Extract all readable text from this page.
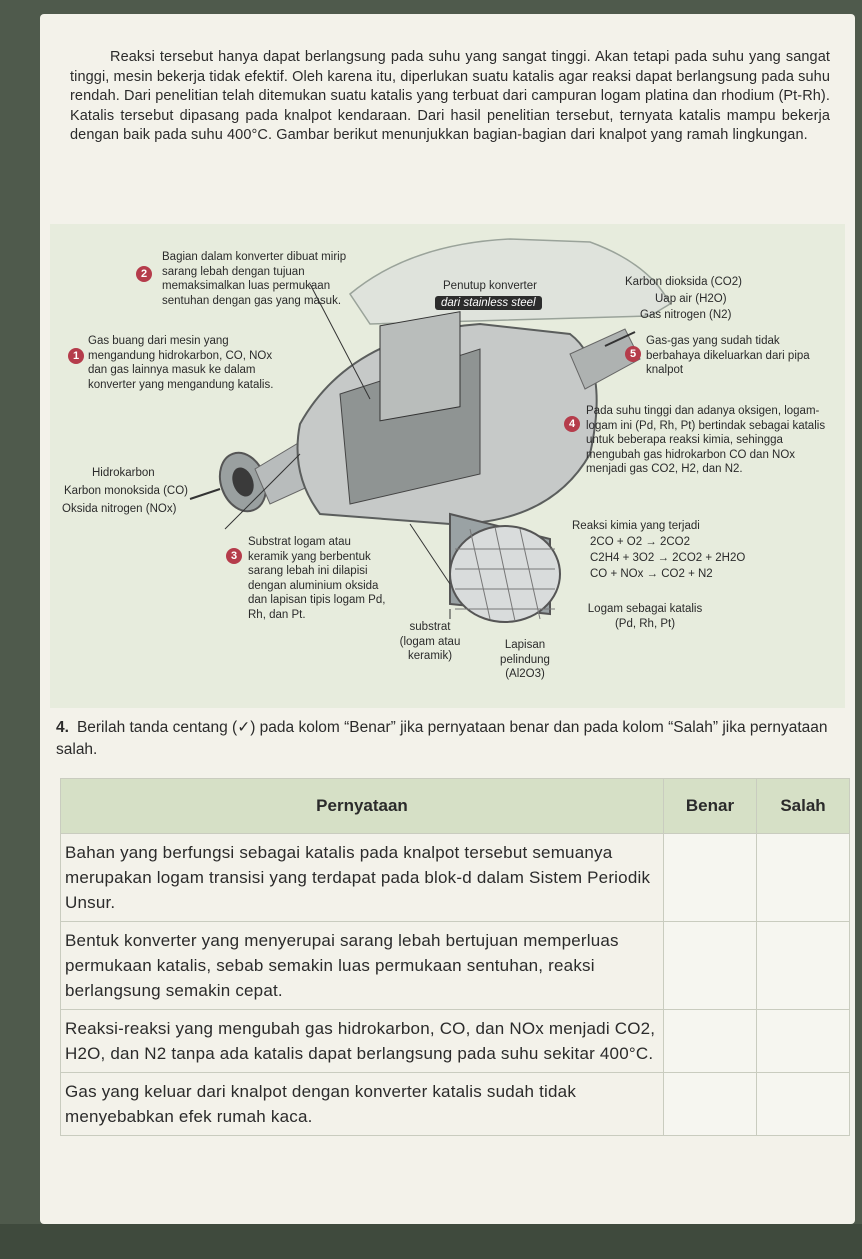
Reaksi tersebut hanya dapat berlangsung pada suhu yang sangat tinggi. Akan tetapi pada suhu yang sangat tinggi, mesin bekerja tidak efektif. Oleh karena itu, diperlukan suatu katalis agar reaksi dapat berlangsung pada suhu rendah. Dari penelitian telah ditemukan suatu katalis yang terbuat dari campuran logam platina dan rhodium (Pt-Rh). Katalis tersebut dipasang pada knalpot kendaraan. Dari hasil penelitian tersebut, ternyata katalis mampu bekerja dengan baik pada suhu 400°C. Gambar berikut menunjukkan bagian-bagian dari knalpot yang ramah lingkungan.

2
Bagian dalam konverter dibuat mirip sarang lebah dengan tujuan memaksimalkan luas permukaan sentuhan dengan gas yang masuk.
1
Gas buang dari mesin yang mengandung hidrokarbon, CO, NOx dan gas lainnya masuk ke dalam konverter yang mengandung katalis.
dari stainless steel
Penutup konverter	Karbon dioksida (CO2)
Uap air (H2O)
Gas nitrogen (N2)
5
Gas-gas yang sudah tidak berbahaya dikeluarkan dari pipa knalpot
4
Pada suhu tinggi dan adanya oksigen, logam-logam ini (Pd, Rh, Pt) bertindak sebagai katalis untuk beberapa reaksi kimia, sehingga mengubah gas hidrokarbon CO dan NOx menjadi gas CO2, H2, dan N2.
Hidrokarbon
Karbon monoksida (CO)
Oksida nitrogen (NOx)
3
Substrat logam atau keramik yang berbentuk sarang lebah ini dilapisi dengan aluminium oksida dan lapisan tipis logam Pd, Rh, dan Pt.
Reaksi kimia yang terjadi
2CO + O2 → 2CO2
C2H4 + 3O2 → 2CO2 + 2H2O
CO + NOx → CO2 + N2
Logam sebagai katalis
(Pd, Rh, Pt)
substrat
(logam atau keramik)
Lapisan pelindung
(Al2O3)
4. Berilah tanda centang (✓) pada kolom “Benar” jika pernyataan benar dan pada kolom “Salah” jika pernyataan salah.
Pernyataan	Benar	Salah
Bahan yang berfungsi sebagai katalis pada knalpot tersebut semuanya merupakan logam transisi yang terdapat pada blok-d dalam Sistem Periodik Unsur.		
Bentuk konverter yang menyerupai sarang lebah bertujuan memperluas permukaan katalis, sebab semakin luas permukaan sentuhan, reaksi berlangsung semakin cepat.		
Reaksi-reaksi yang mengubah gas hidrokarbon, CO, dan NOx menjadi CO2, H2O, dan N2 tanpa ada katalis dapat berlangsung pada suhu sekitar 400°C.		
Gas yang keluar dari knalpot dengan konverter katalis sudah tidak menyebabkan efek rumah kaca.		
